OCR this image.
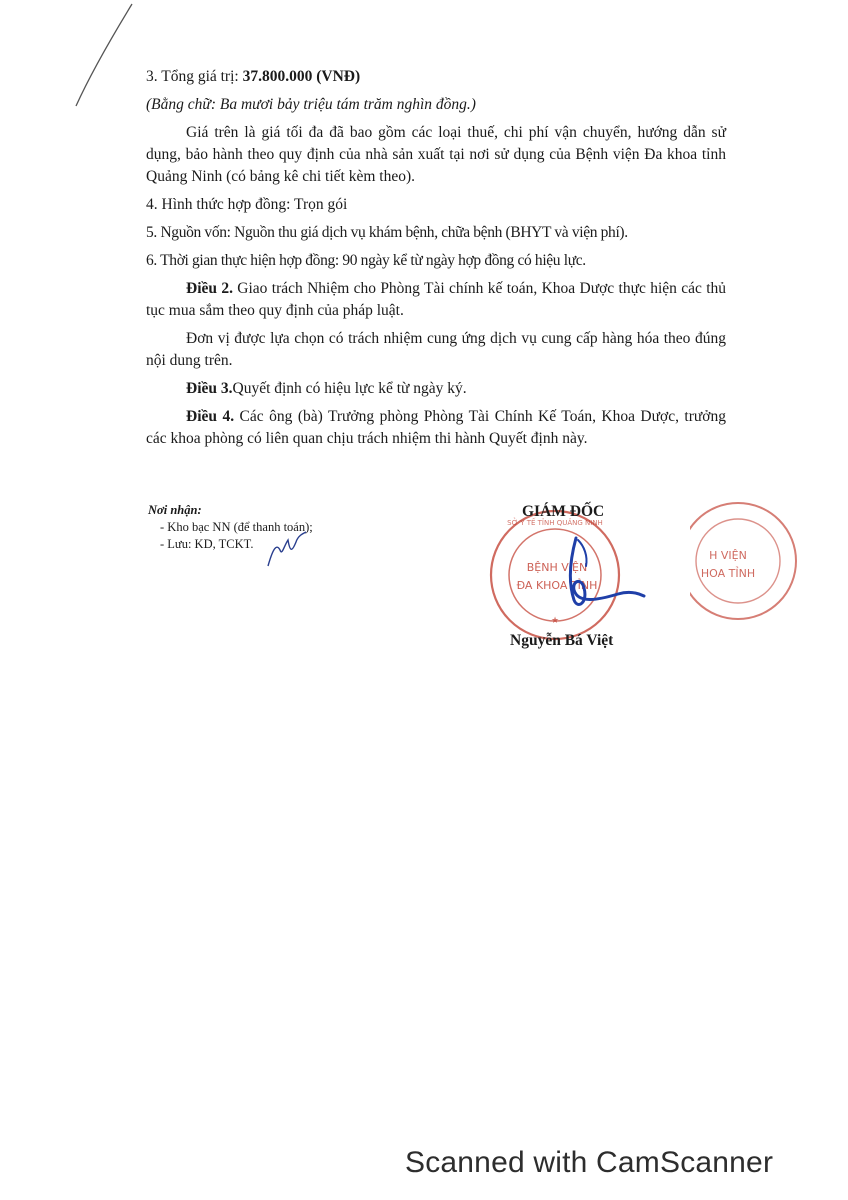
3. Tổng giá trị: 37.800.000 (VNĐ)

(Bằng chữ: Ba mươi bảy triệu tám trăm nghìn đồng.)

Giá trên là giá tối đa đã bao gồm các loại thuế, chi phí vận chuyển, hướng dẫn sử dụng, bảo hành theo quy định của nhà sản xuất tại nơi sử dụng của Bệnh viện Đa khoa tỉnh Quảng Ninh (có bảng kê chi tiết kèm theo).

4. Hình thức hợp đồng: Trọn gói

5. Nguồn vốn: Nguồn thu giá dịch vụ khám bệnh, chữa bệnh (BHYT và viện phí).

6. Thời gian thực hiện hợp đồng: 90 ngày kể từ ngày hợp đồng có hiệu lực.

Điều 2. Giao trách Nhiệm cho Phòng Tài chính kế toán, Khoa Dược thực hiện các thủ tục mua sắm theo quy định của pháp luật.

Đơn vị được lựa chọn có trách nhiệm cung ứng dịch vụ cung cấp hàng hóa theo đúng nội dung trên.

Điều 3.Quyết định có hiệu lực kể từ ngày ký.

Điều 4. Các ông (bà) Trưởng phòng Phòng Tài Chính Kế Toán, Khoa Dược, trưởng các khoa phòng có liên quan chịu trách nhiệm thi hành Quyết định này.

Nơi nhận:
- Kho bạc NN (để thanh toán);
- Lưu: KD, TCKT.
SỞ Y TẾ TỈNH QUẢNG NINH
BỆNH VIỆN
ĐA KHOA TỈNH
★
H VIỆN
HOA TỈNH
GIÁM ĐỐC
Nguyễn Bá Việt
Scanned with CamScanner
